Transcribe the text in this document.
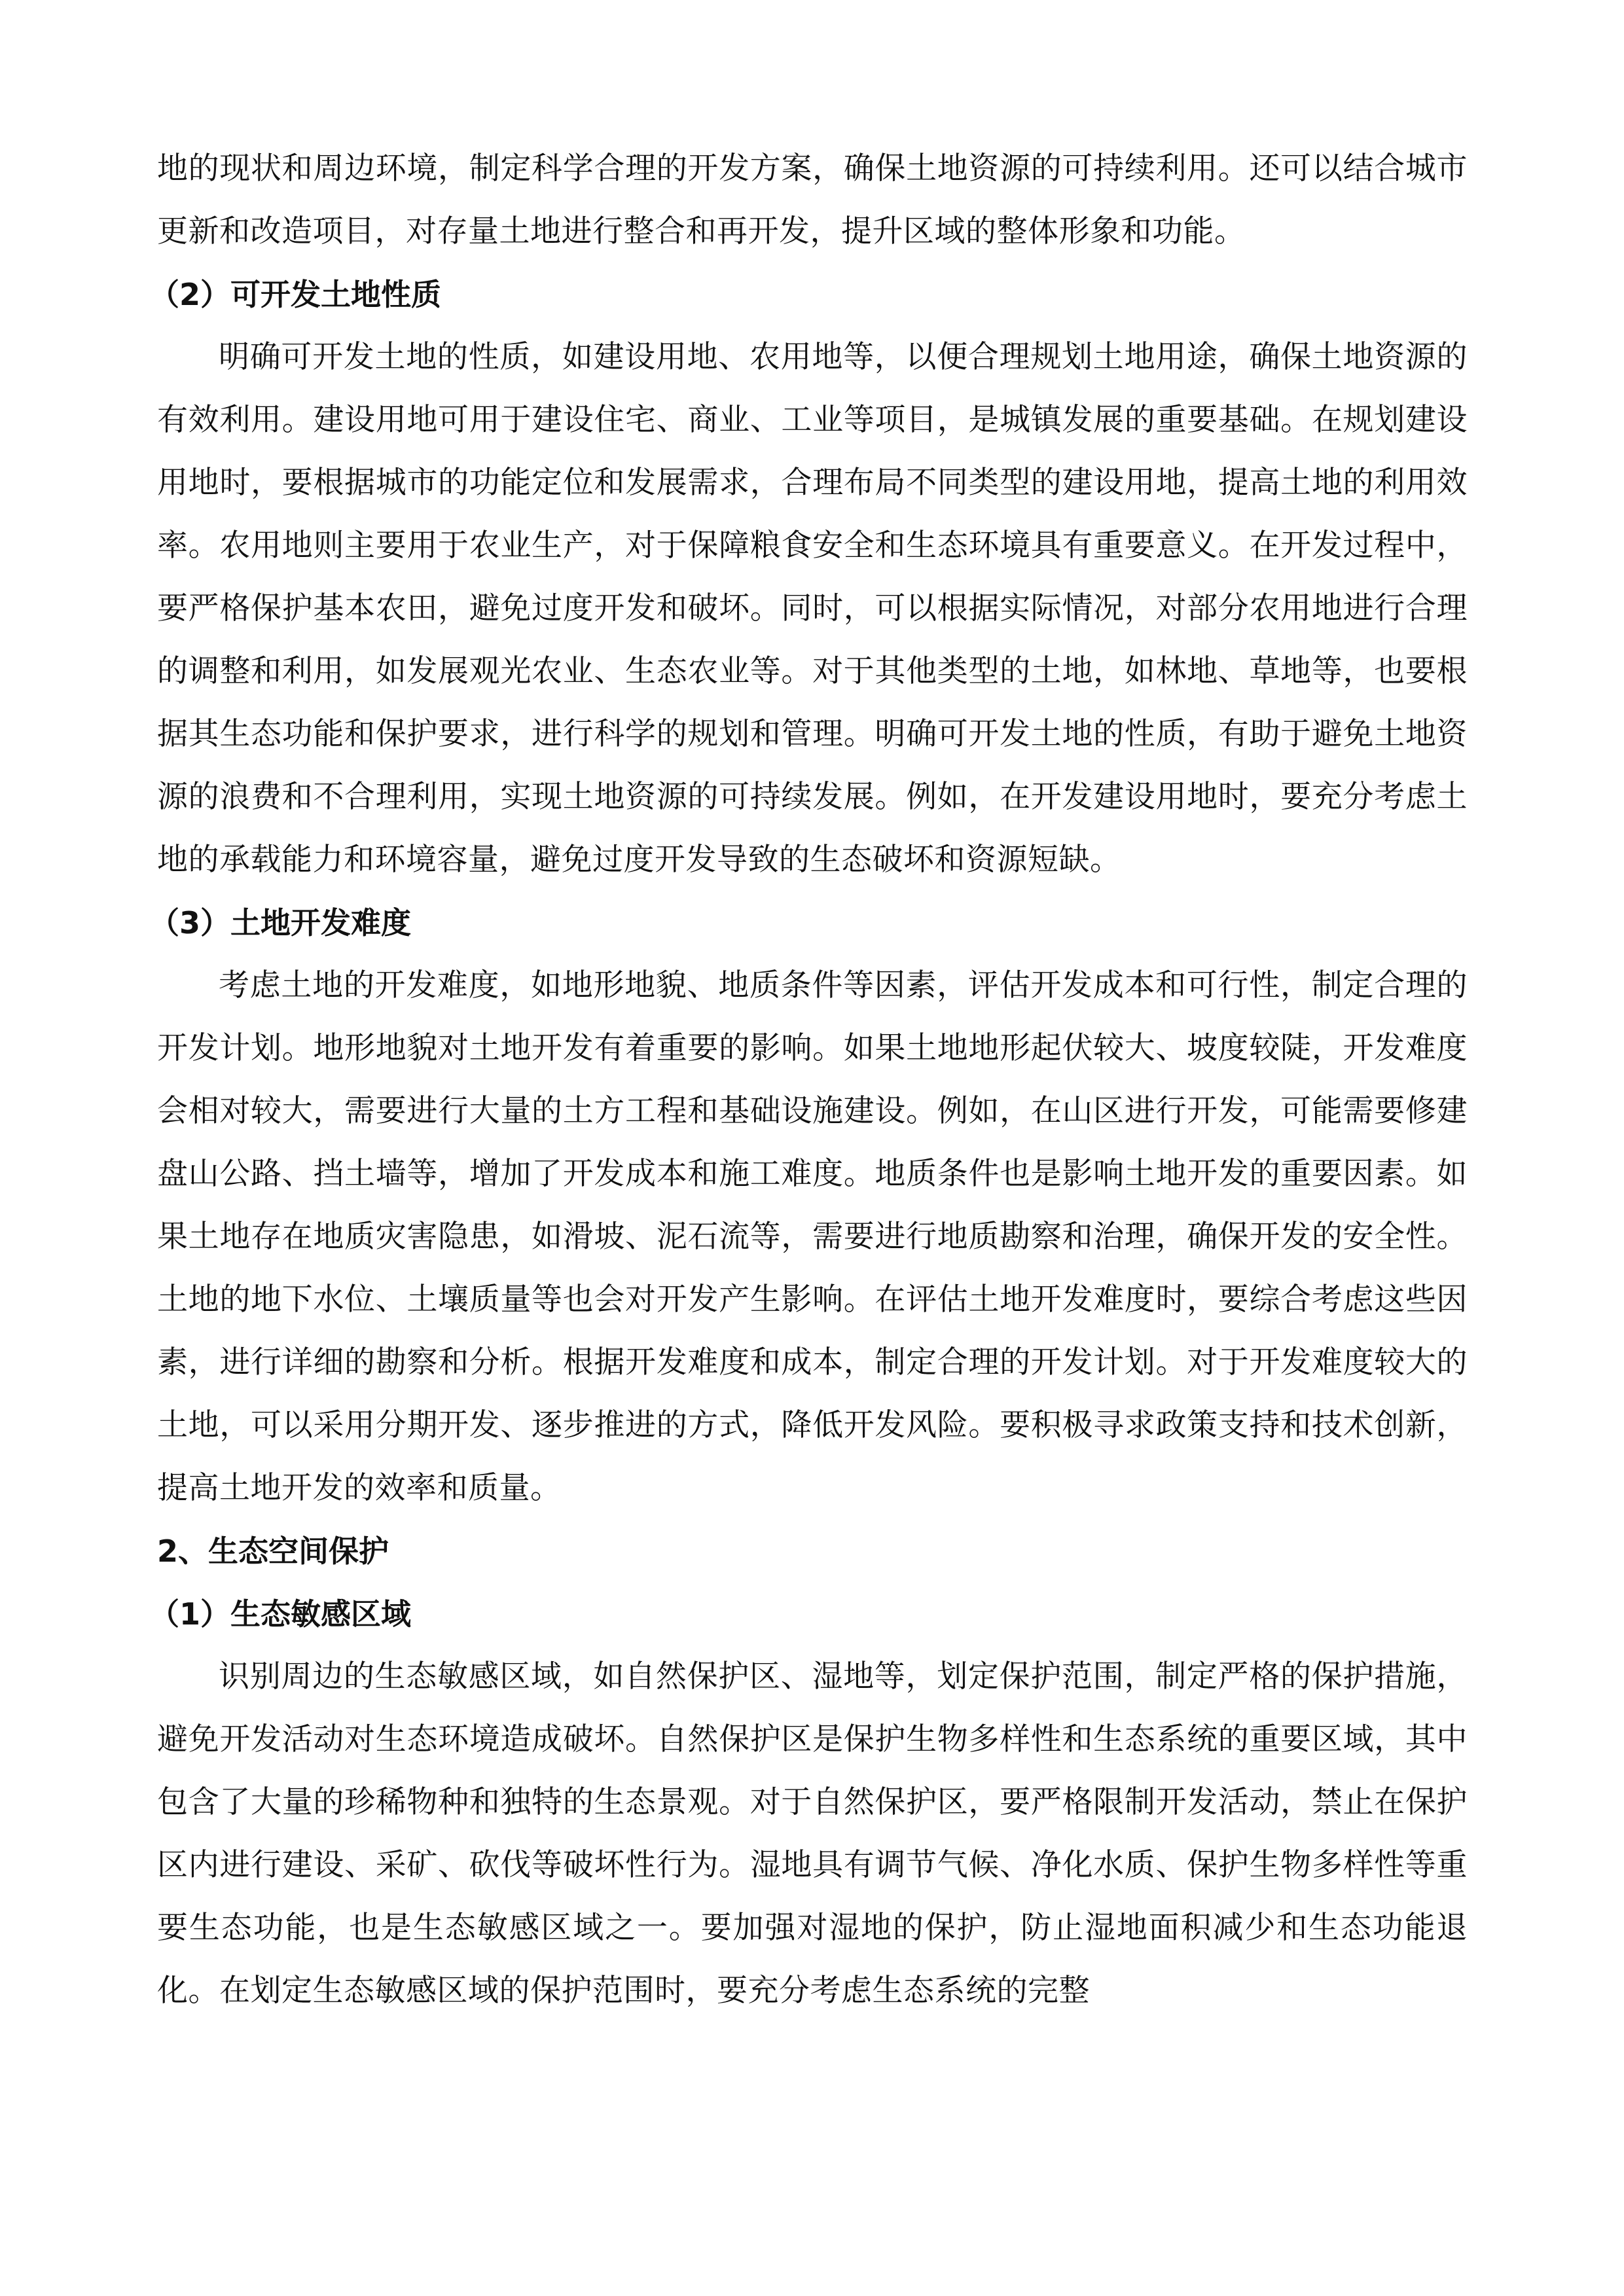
地的现状和周边环境，制定科学合理的开发方案，确保土地资源的可持续利用。还可以结合城市更新和改造项目，对存量土地进行整合和再开发，提升区域的整体形象和功能。

（2）可开发土地性质

明确可开发土地的性质，如建设用地、农用地等，以便合理规划土地用途，确保土地资源的有效利用。建设用地可用于建设住宅、商业、工业等项目，是城镇发展的重要基础。在规划建设用地时，要根据城市的功能定位和发展需求，合理布局不同类型的建设用地，提高土地的利用效率。农用地则主要用于农业生产，对于保障粮食安全和生态环境具有重要意义。在开发过程中，要严格保护基本农田，避免过度开发和破坏。同时，可以根据实际情况，对部分农用地进行合理的调整和利用，如发展观光农业、生态农业等。对于其他类型的土地，如林地、草地等，也要根据其生态功能和保护要求，进行科学的规划和管理。明确可开发土地的性质，有助于避免土地资源的浪费和不合理利用，实现土地资源的可持续发展。例如，在开发建设用地时，要充分考虑土地的承载能力和环境容量，避免过度开发导致的生态破坏和资源短缺。

（3）土地开发难度

考虑土地的开发难度，如地形地貌、地质条件等因素，评估开发成本和可行性，制定合理的开发计划。地形地貌对土地开发有着重要的影响。如果土地地形起伏较大、坡度较陡，开发难度会相对较大，需要进行大量的土方工程和基础设施建设。例如，在山区进行开发，可能需要修建盘山公路、挡土墙等，增加了开发成本和施工难度。地质条件也是影响土地开发的重要因素。如果土地存在地质灾害隐患，如滑坡、泥石流等，需要进行地质勘察和治理，确保开发的安全性。土地的地下水位、土壤质量等也会对开发产生影响。在评估土地开发难度时，要综合考虑这些因素，进行详细的勘察和分析。根据开发难度和成本，制定合理的开发计划。对于开发难度较大的土地，可以采用分期开发、逐步推进的方式，降低开发风险。要积极寻求政策支持和技术创新，提高土地开发的效率和质量。

2、生态空间保护

（1）生态敏感区域

识别周边的生态敏感区域，如自然保护区、湿地等，划定保护范围，制定严格的保护措施，避免开发活动对生态环境造成破坏。自然保护区是保护生物多样性和生态系统的重要区域，其中包含了大量的珍稀物种和独特的生态景观。对于自然保护区，要严格限制开发活动，禁止在保护区内进行建设、采矿、砍伐等破坏性行为。湿地具有调节气候、净化水质、保护生物多样性等重要生态功能，也是生态敏感区域之一。要加强对湿地的保护，防止湿地面积减少和生态功能退化。在划定生态敏感区域的保护范围时，要充分考虑生态系统的完整
